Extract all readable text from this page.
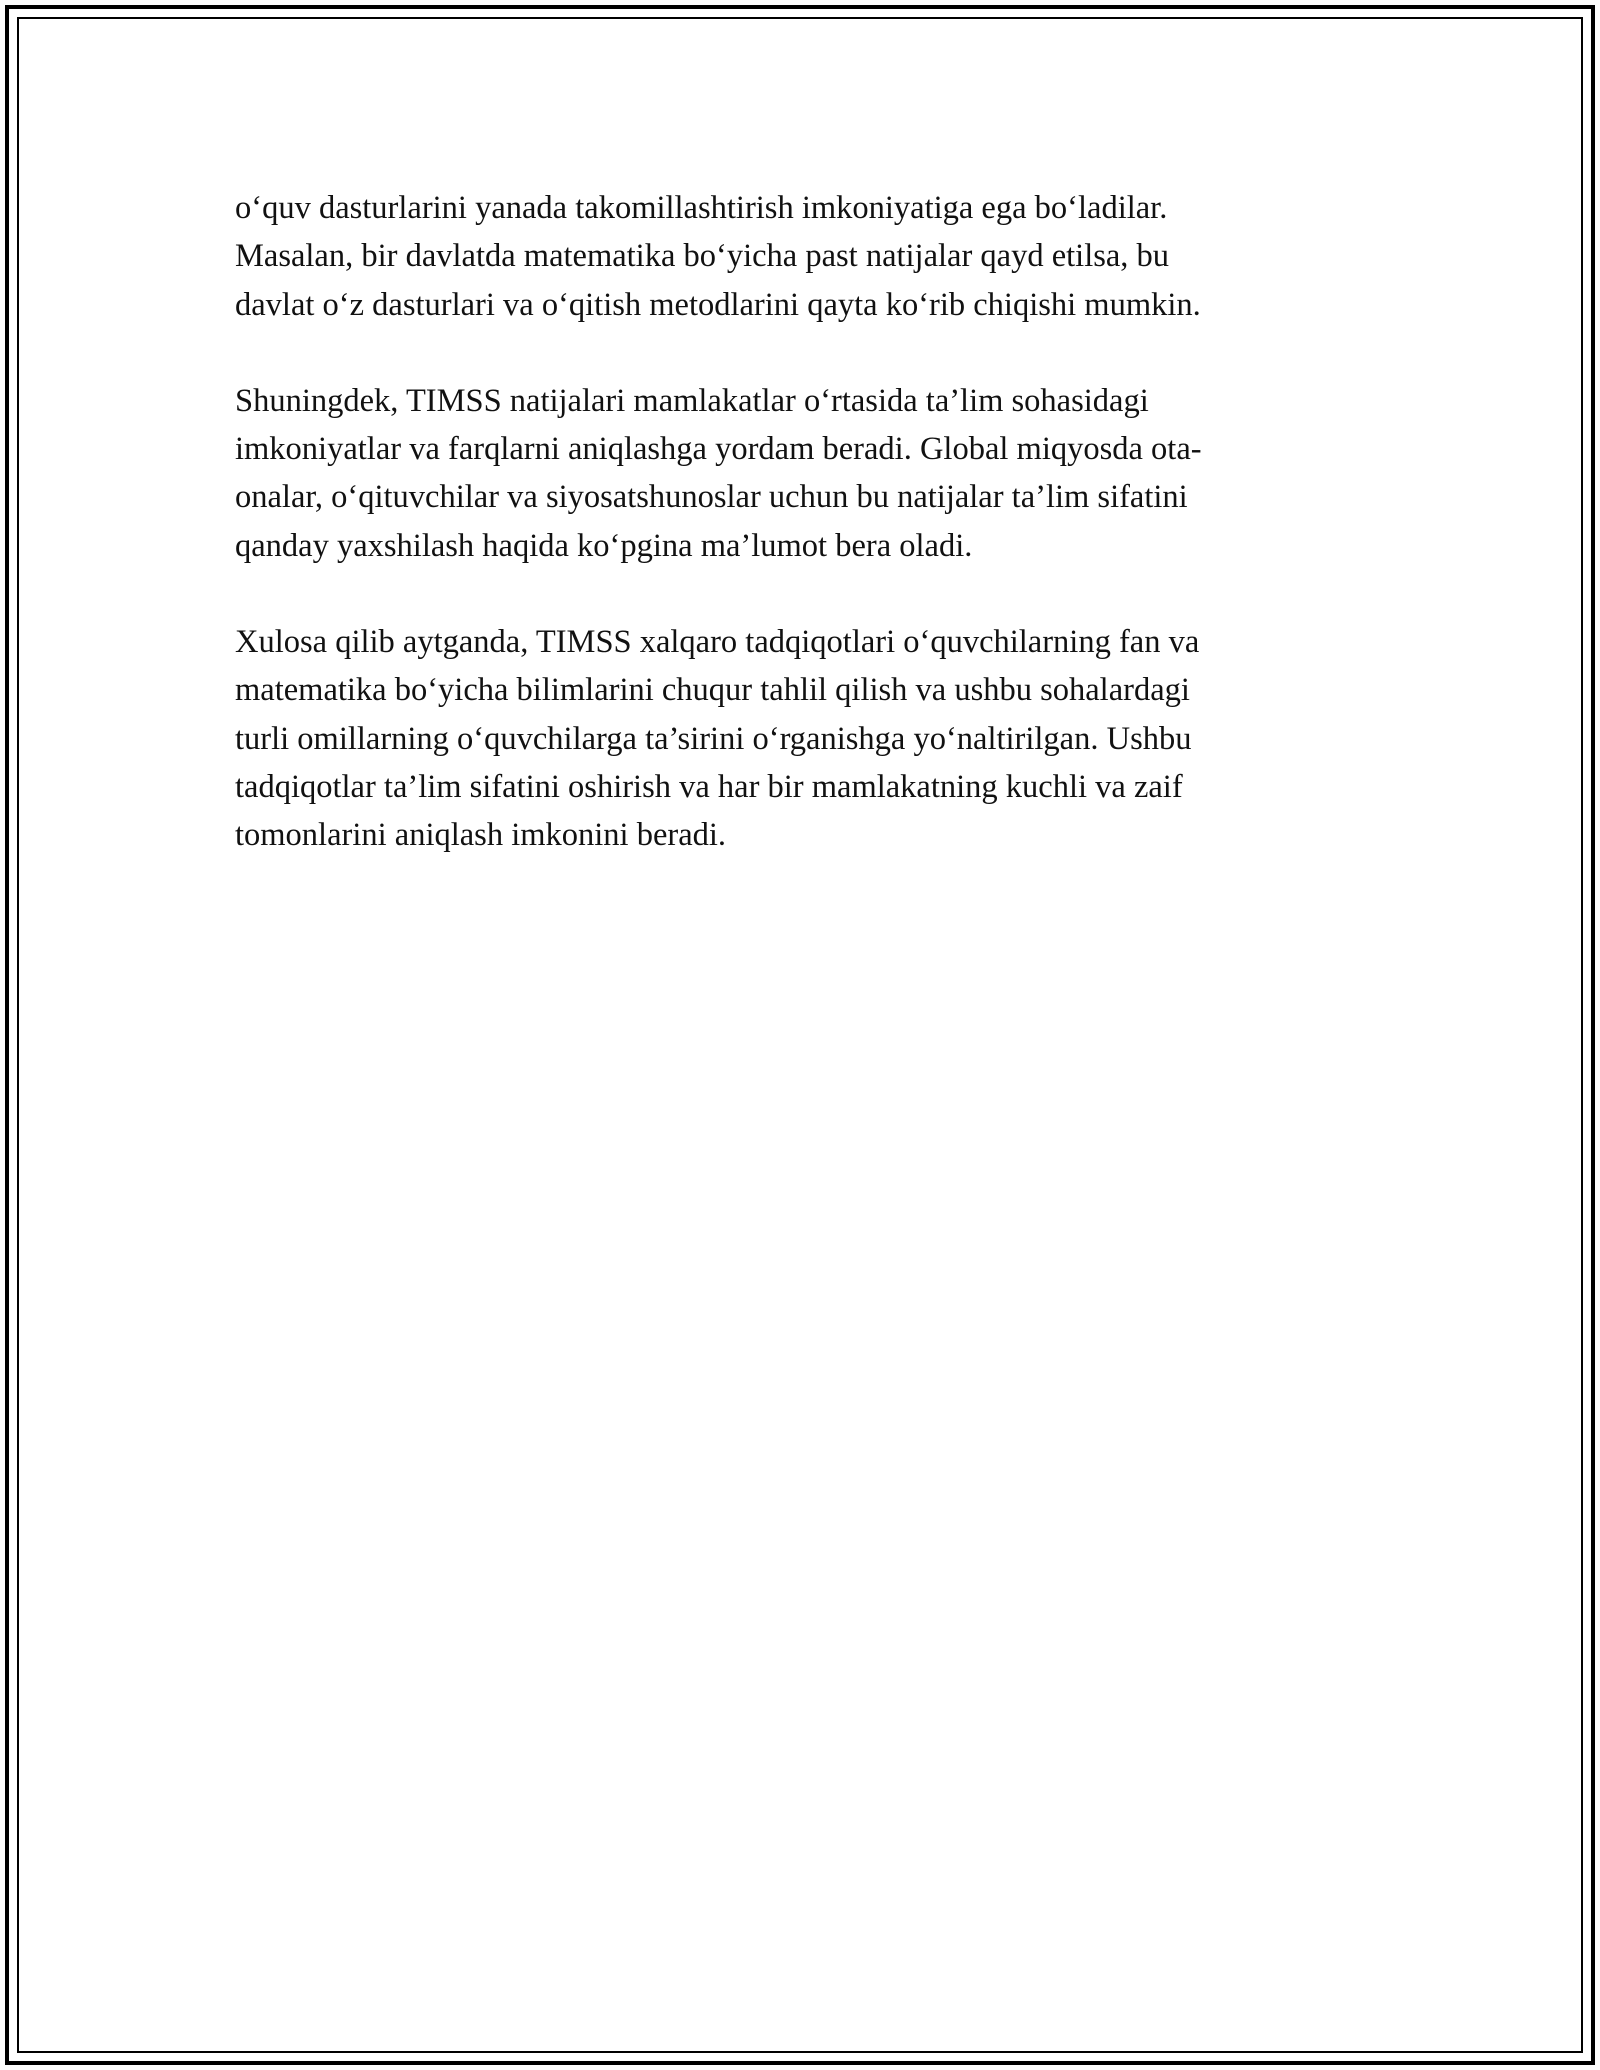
o‘quv dasturlarini yanada takomillashtirish imkoniyatiga ega bo‘ladilar.
Masalan, bir davlatda matematika bo‘yicha past natijalar qayd etilsa, bu
davlat o‘z dasturlari va o‘qitish metodlarini qayta ko‘rib chiqishi mumkin.

Shuningdek, TIMSS natijalari mamlakatlar o‘rtasida ta’lim sohasidagi
imkoniyatlar va farqlarni aniqlashga yordam beradi. Global miqyosda ota-
onalar, o‘qituvchilar va siyosatshunoslar uchun bu natijalar ta’lim sifatini
qanday yaxshilash haqida ko‘pgina ma’lumot bera oladi.

Xulosa qilib aytganda, TIMSS xalqaro tadqiqotlari o‘quvchilarning fan va
matematika bo‘yicha bilimlarini chuqur tahlil qilish va ushbu sohalardagi
turli omillarning o‘quvchilarga ta’sirini o‘rganishga yo‘naltirilgan. Ushbu
tadqiqotlar ta’lim sifatini oshirish va har bir mamlakatning kuchli va zaif
tomonlarini aniqlash imkonini beradi.
